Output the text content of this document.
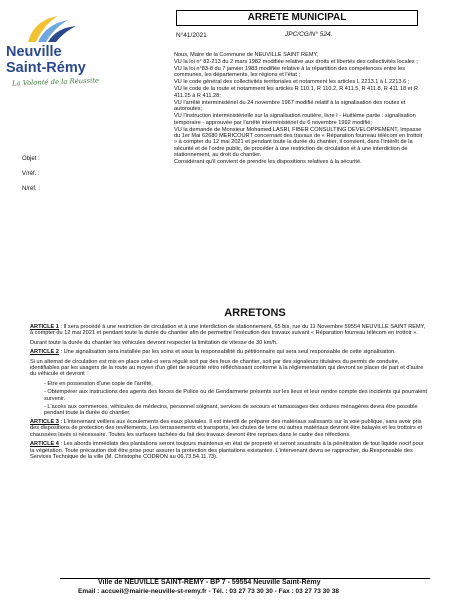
Neuville
Saint-Rémy
La Volonté de la Réussite
Objet :
V/réf. :
N/réf. :
ARRETE MUNICIPAL
N°41/2021	JPC/CG/N° 524.

Nous, Maire de la Commune de NEUVILLE SAINT REMY,

VU la loi n° 82-213 du 2 mars 1982 modifiée relative aux droits et libertés des collectivités locales ;

VU la loi n°83-8 du 7 janvier 1983 modifiée relative à la répartition des compétences entre les communes, les départements, les régions et l'état ;

VU le code général des collectivités territoriales et notamment les articles L 2213.1 à L 2213.6 ;

VU le code de la route et notamment les articles R 110.1, R 110.2, R 411.5, R 411.8, R 411.18 et R 411.25 à R 411.28;

VU l'arrêté interministériel du 24 novembre 1967 modifié relatif à la signalisation des routes et autoroutes;

VU l'instruction interministérielle sur la signalisation routière, livre I - Huitième partie : signalisation temporaire - approuvée par l'arrêté interministériel du 6 novembre 1992 modifié;

VU la demande de Monsieur Mohamed LASRI, FIBER CONSULTING DEVELOPPEMENT, Impasse du 1er Mai 62680 MERICOURT concernant des travaux de « Réparation fourreau télécom en trottoir » à compter du 12 mai 2021 et pendant toute la durée du chantier, il convient, dans l'intérêt de la sécurité et de l'ordre public, de procéder à une restriction de circulation et à une interdiction de stationnement, au droit du chantier.

Considérant qu'il convient de prendre les dispositions relatives à la sécurité.

ARRETONS

ARTICLE 1 : Il sera procédé à une restriction de circulation et à une interdiction de stationnement, 65 bis, rue du 11 Novembre 59554 NEUVILLE SAINT REMY, à compter du 12 mai 2021 et pendant toute la durée du chantier afin de permettre l'exécution des travaux suivant « Réparation fourreau télécom en trottoir ».

Durant toute la durée du chantier les véhicules devront respecter la limitation de vitesse de 30 km/h.

ARTICLE 2 : Une signalisation sera installée par les soins et sous la responsabilité du pétitionnaire qui sera seul responsable de cette signalisation.

Si un alternat de circulation est mis en place celui-ci sera régulé soit par des feux de chantier, soit par des signaleurs titulaires du permis de conduire, identifiables par les usagers de la route au moyen d'un gilet de sécurité rétro réfléchissant conforme à la réglementation qui devront se placer de part et d'autre du véhicule et devront :

- Etre en possession d'une copie de l'arrêté,

- Obtempérer aux instructions des agents des forces de Police ou de Gendarmerie présents sur les lieux et leur rendre compte des incidents qui pourraient survenir.

- L'accès aux commerces, véhicules de médecins, personnel soignant, services de secours et ramassages des ordures ménagères devra être possible pendant toute la durée du chantier.

ARTICLE 3 : L'intervenant veillera aux écoulements des eaux pluviales. Il est interdit de préparer des matériaux salissants sur la voie publique, sans avoir pris des dispositions de protection des revêtements. Les terrassements et transports, les chutes de terre ou autres matériaux devront être balayés et les trottoirs et chaussées lavés si nécessaire. Toutes les surfaces tachées du fait des travaux devront être reprises dans le cadre des réfections.

ARTICLE 4 : Les abords immédiats des plantations seront toujours maintenus en état de propreté et seront soustraits à la pénétration de tout liquide nocif pour la végétation. Toute précaution doit être prise pour assurer la protection des plantations existantes. L'intervenant devra se rapprocher, du Responsable des Services Technique de la ville (M. Christophe CODRON au 06.73.54.11.73).

Ville de NEUVILLE SAINT-REMY - BP 7 - 59554 Neuville Saint-Rémy
Email : accueil@mairie-neuville-st-remy.fr - Tél. : 03 27 73 30 30 - Fax : 03 27 73 30 38
